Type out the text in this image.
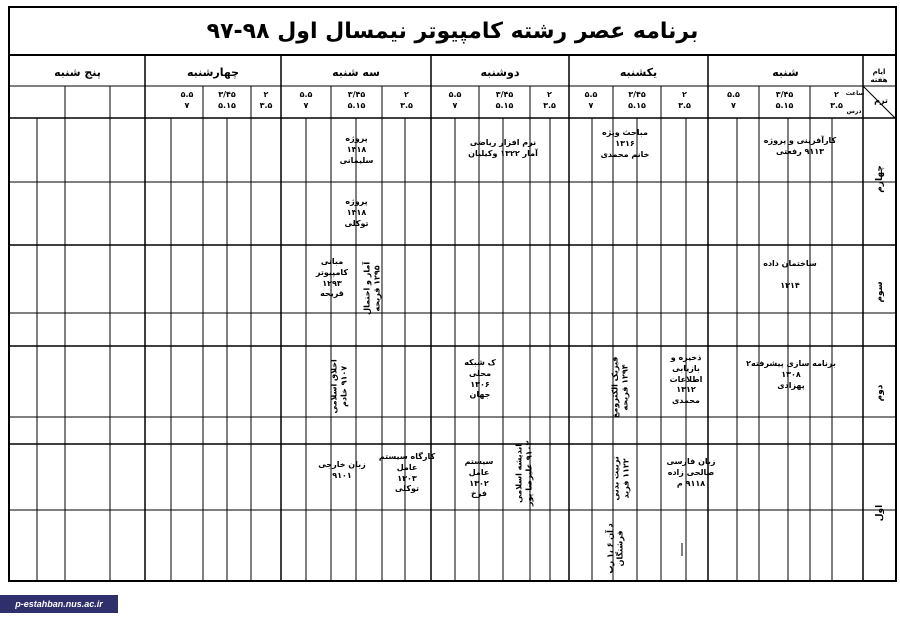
برنامه عصر رشته کامپیوتر نیمسال اول ۹۸-۹۷
ایام هفته
ترم
ساعت
درس
شنبه
یکشنبه
دوشنبه
سه شنبه
چهارشنبه
پنج شنبه
۲
۳.۵
۳/۴۵
۵.۱۵
۵.۵
۷
۲
۳.۵
۳/۴۵
۵.۱۵
۵.۵
۷
۲
۳.۵
۳/۴۵
۵.۱۵
۵.۵
۷
۲
۳.۵
۳/۴۵
۵.۱۵
۵.۵
۷
۲
۳.۵
۳/۴۵
۵.۱۵
۵.۵
۷
چهارم
سوم
دوم
اول
کارآفرینی و پروژه
۹۱۱۳ رفعتی
مباحث ویژه
۱۳۱۶
خانم محمدی
نرم افزار ریاضی
آمار ۱۳۲۲ وکیلیان
پروژه
۱۳۱۸
سلیمانی
پروژه
۱۳۱۸
توکلی
ساختمان داده

۱۳۱۴
مبانی
کامپیوتر
۱۲۹۳
قریحه
آمار و احتمال
۱۲۹۵ قریحه
برنامه سازی پیشرفته۲
۱۳۰۸
پهزادی
ذخیره و
بازیابی
اطلاعات
۱۳۱۲
محمدی
فیزیک الکترومغ
۱۲۹۴ قریحه
ک شبکه
محلی
۱۳۰۶
جهان
اخلاق اسلامی
۹۱۰۷ خادم
زبان فارسی
صالحی زاده
۹۱۱۸ م
تربیت بدنی
۱۱۲۲ فرید
اندیشه اسلامی
۹۱۰۲ علیرضا پور
سیستم
عامل
۱۳۰۲
فرخ
کارگاه سیستم
عامل
۱۳۰۳
توکلی
زبان خارجی
۹۱۰۱
د آن ۶ ،۱ رب
فرشتگان
p-estahban.nus.ac.ir
